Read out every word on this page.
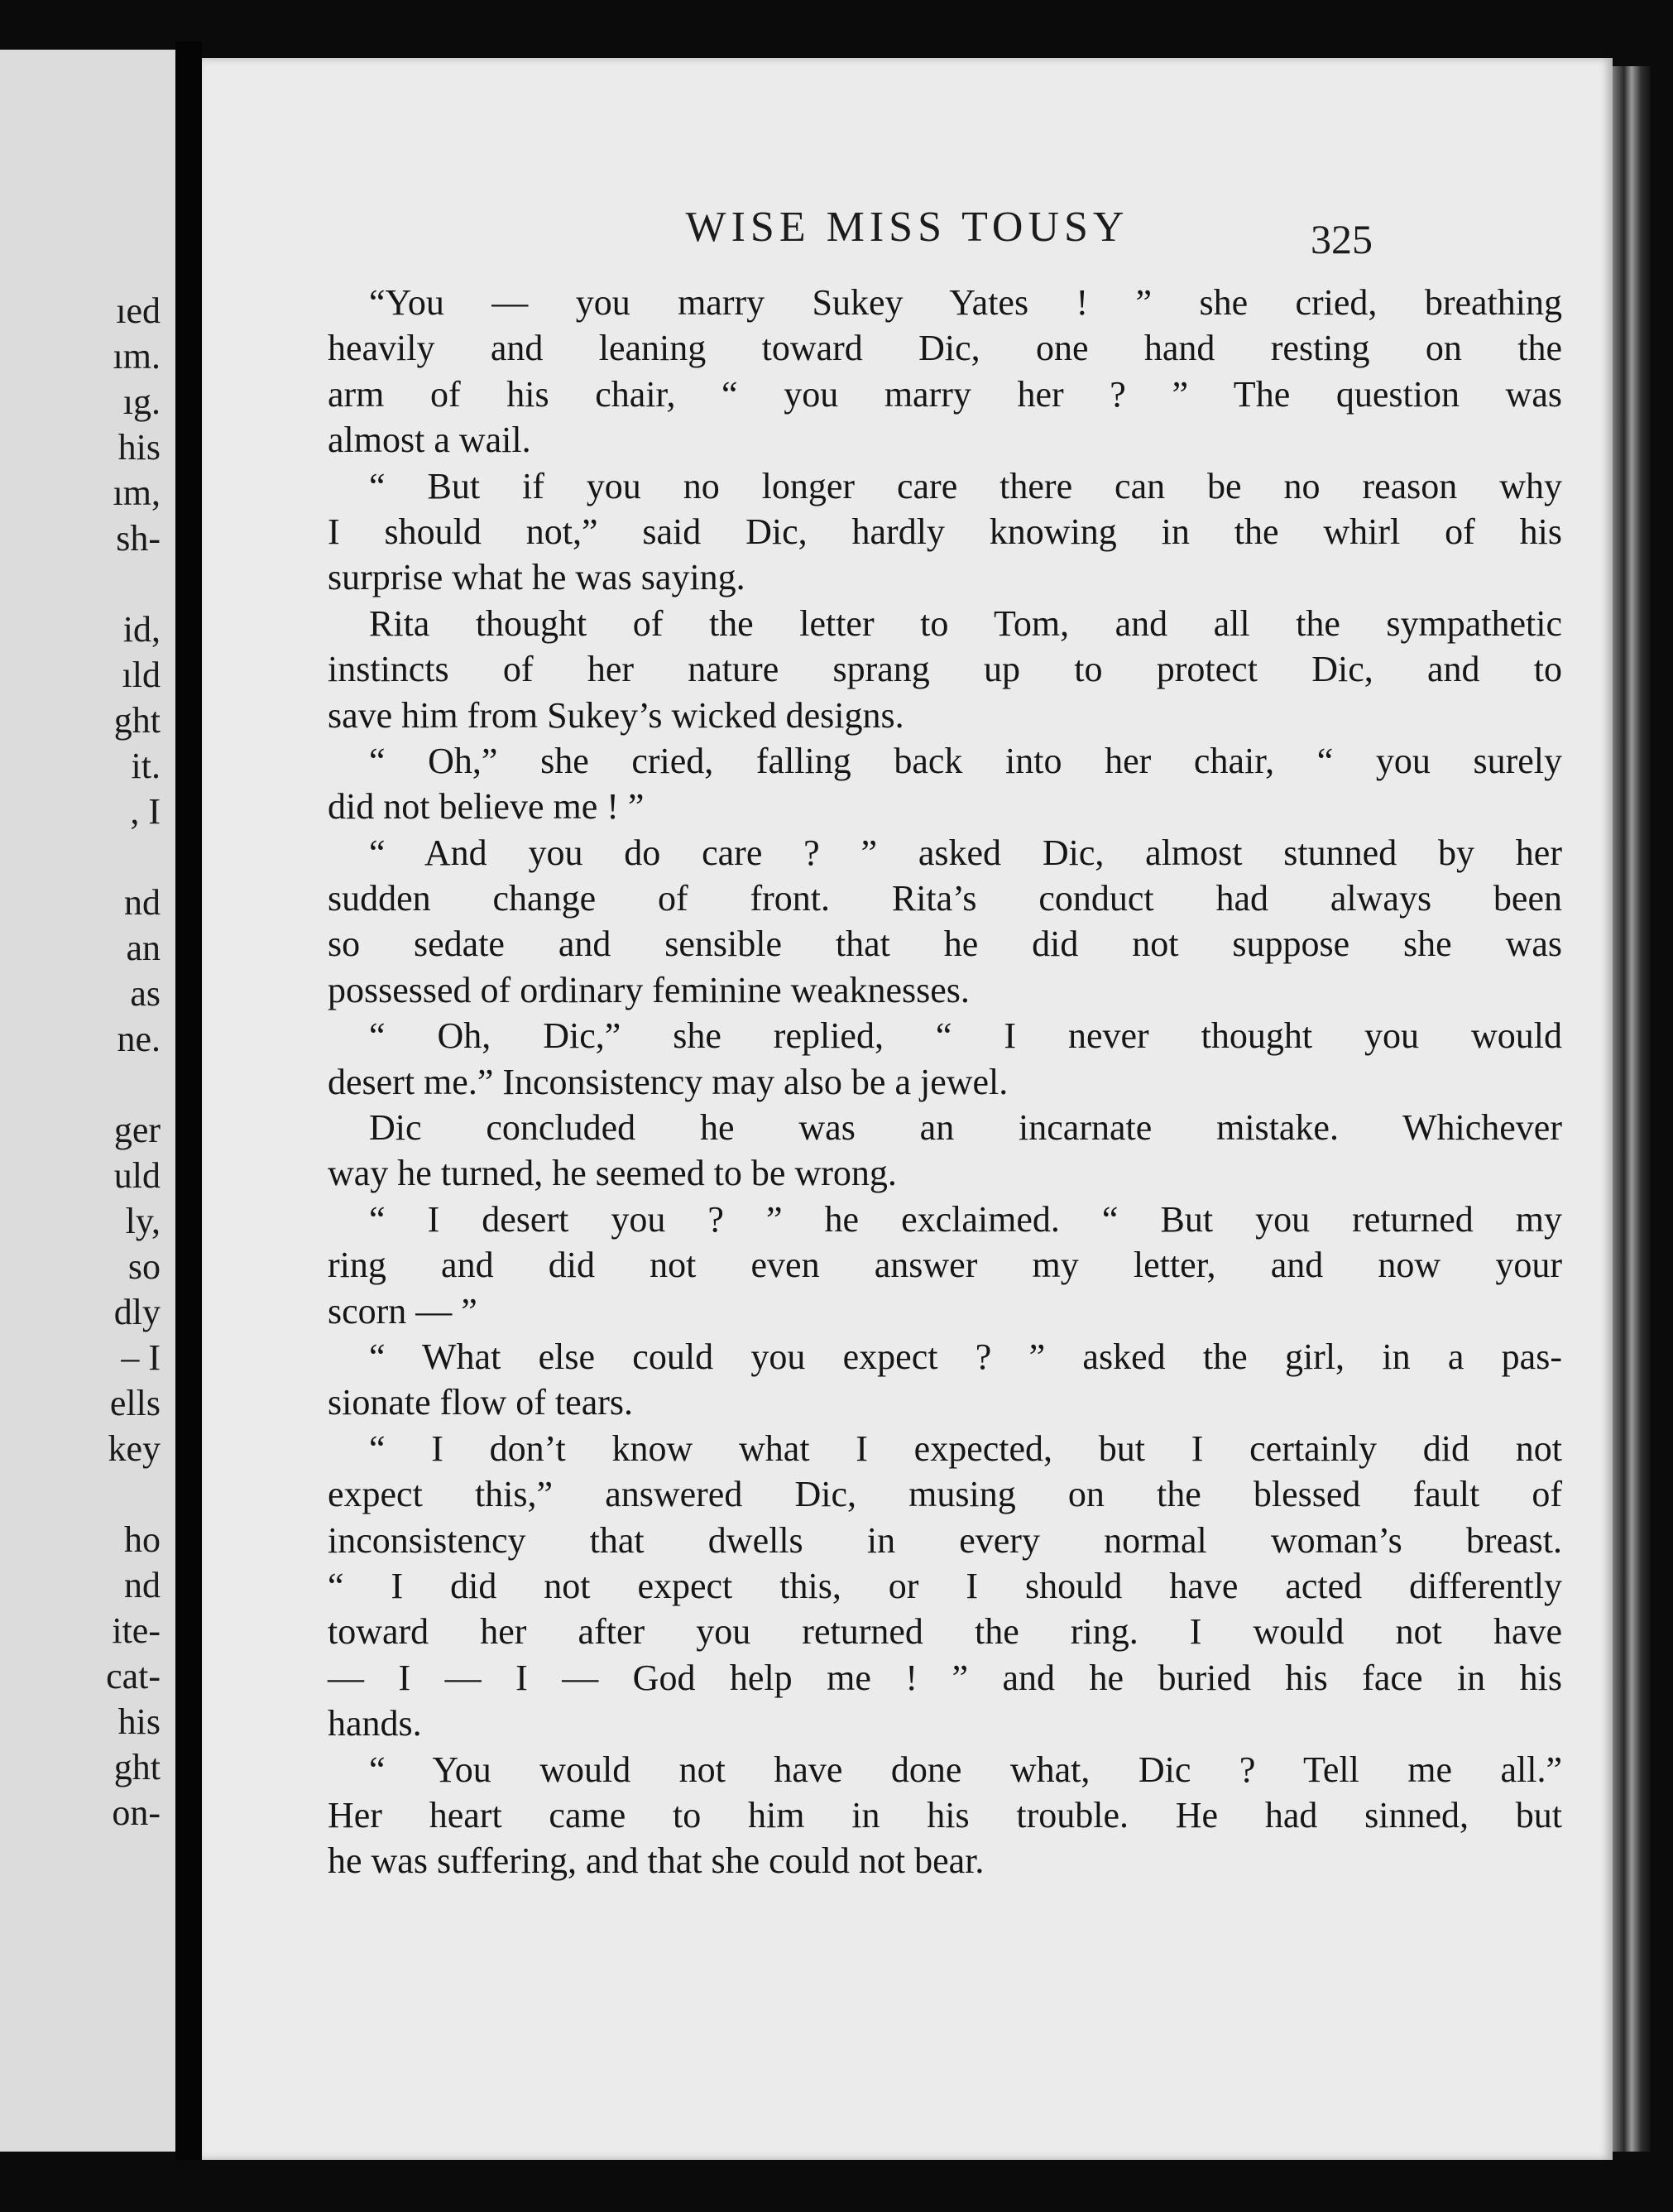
ıed
ım.
ıg.
his
ım,
sh-
id,
ıld
ght
it.
, I
nd
an
as
ne.
ger
uld
ly,
so
dly
– I
ells
key
ho
nd
ite-
cat-
his
ght
on-
WISE MISS TOUSY	325
“You — you marry Sukey Yates ! ” she cried, breathing
heavily and leaning toward Dic, one hand resting on the
arm of his chair, “ you marry her ? ” The question was
almost a wail.
“ But if you no longer care there can be no reason why
I should not,” said Dic, hardly knowing in the whirl of his
surprise what he was saying.
Rita thought of the letter to Tom, and all the sympathetic
instincts of her nature sprang up to protect Dic, and to
save him from Sukey’s wicked designs.
“ Oh,” she cried, falling back into her chair, “ you surely
did not believe me ! ”
“ And you do care ? ” asked Dic, almost stunned by her
sudden change of front. Rita’s conduct had always been
so sedate and sensible that he did not suppose she was
possessed of ordinary feminine weaknesses.
“ Oh, Dic,” she replied, “ I never thought you would
desert me.” Inconsistency may also be a jewel.
Dic concluded he was an incarnate mistake. Whichever
way he turned, he seemed to be wrong.
“ I desert you ? ” he exclaimed. “ But you returned my
ring and did not even answer my letter, and now your
scorn — ”
“ What else could you expect ? ” asked the girl, in a pas-
sionate flow of tears.
“ I don’t know what I expected, but I certainly did not
expect this,” answered Dic, musing on the blessed fault of
inconsistency that dwells in every normal woman’s breast.
“ I did not expect this, or I should have acted differently
toward her after you returned the ring. I would not have
— I — I — God help me ! ” and he buried his face in his
hands.
“ You would not have done what, Dic ? Tell me all.”
Her heart came to him in his trouble. He had sinned, but
he was suffering, and that she could not bear.
